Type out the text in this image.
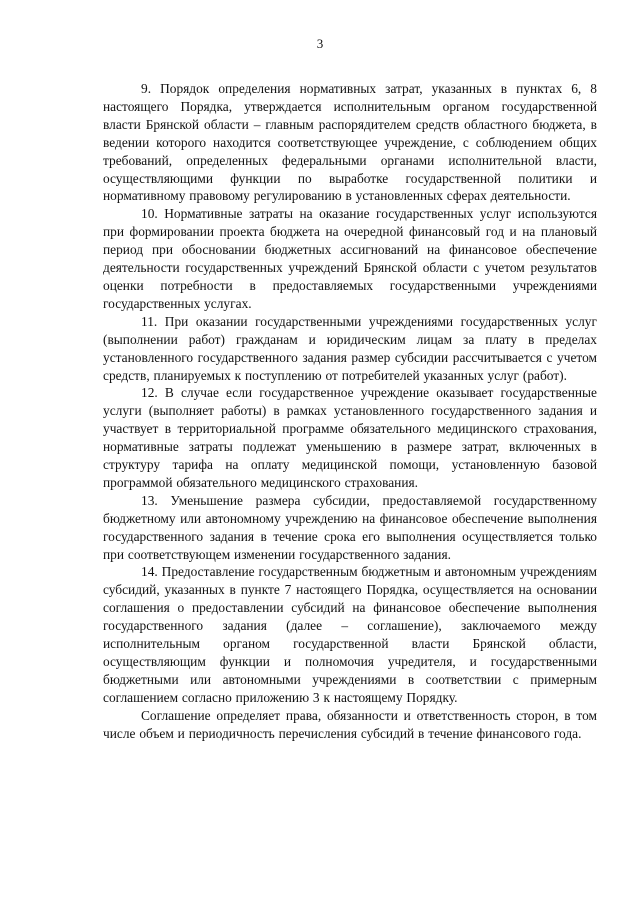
3

9. Порядок определения нормативных затрат, указанных в пунктах 6, 8 настоящего Порядка, утверждается исполнительным органом государственной власти Брянской области – главным распорядителем средств областного бюджета, в ведении которого находится соответствующее учреждение, с соблюдением общих требований, определенных федеральными органами исполнительной власти, осуществляющими функции по выработке государственной политики и нормативному правовому регулированию в установленных сферах деятельности.

10. Нормативные затраты на оказание государственных услуг используются при формировании проекта бюджета на очередной финансовый год и на плановый период при обосновании бюджетных ассигнований на финансовое обеспечение деятельности государственных учреждений Брянской области с учетом результатов оценки потребности в предоставляемых государственными учреждениями государственных услугах.

11. При оказании государственными учреждениями государственных услуг (выполнении работ) гражданам и юридическим лицам за плату в пределах установленного государственного задания размер субсидии рассчитывается с учетом средств, планируемых к поступлению от потребителей указанных услуг (работ).

12. В случае если государственное учреждение оказывает государственные услуги (выполняет работы) в рамках установленного государственного задания и участвует в территориальной программе обязательного медицинского страхования, нормативные затраты подлежат уменьшению в размере затрат, включенных в структуру тарифа на оплату медицинской помощи, установленную базовой программой обязательного медицинского страхования.

13. Уменьшение размера субсидии, предоставляемой государственному бюджетному или автономному учреждению на финансовое обеспечение выполнения государственного задания в течение срока его выполнения осуществляется только при соответствующем изменении государственного задания.

14. Предоставление государственным бюджетным и автономным учреждениям субсидий, указанных в пункте 7 настоящего Порядка, осуществляется на основании соглашения о предоставлении субсидий на финансовое обеспечение выполнения государственного задания (далее – соглашение), заключаемого между исполнительным органом государственной власти Брянской области, осуществляющим функции и полномочия учредителя, и государственными бюджетными или автономными учреждениями в соответствии с примерным соглашением согласно приложению 3 к настоящему Порядку.

Соглашение определяет права, обязанности и ответственность сторон, в том числе объем и периодичность перечисления субсидий в течение финансового года.
